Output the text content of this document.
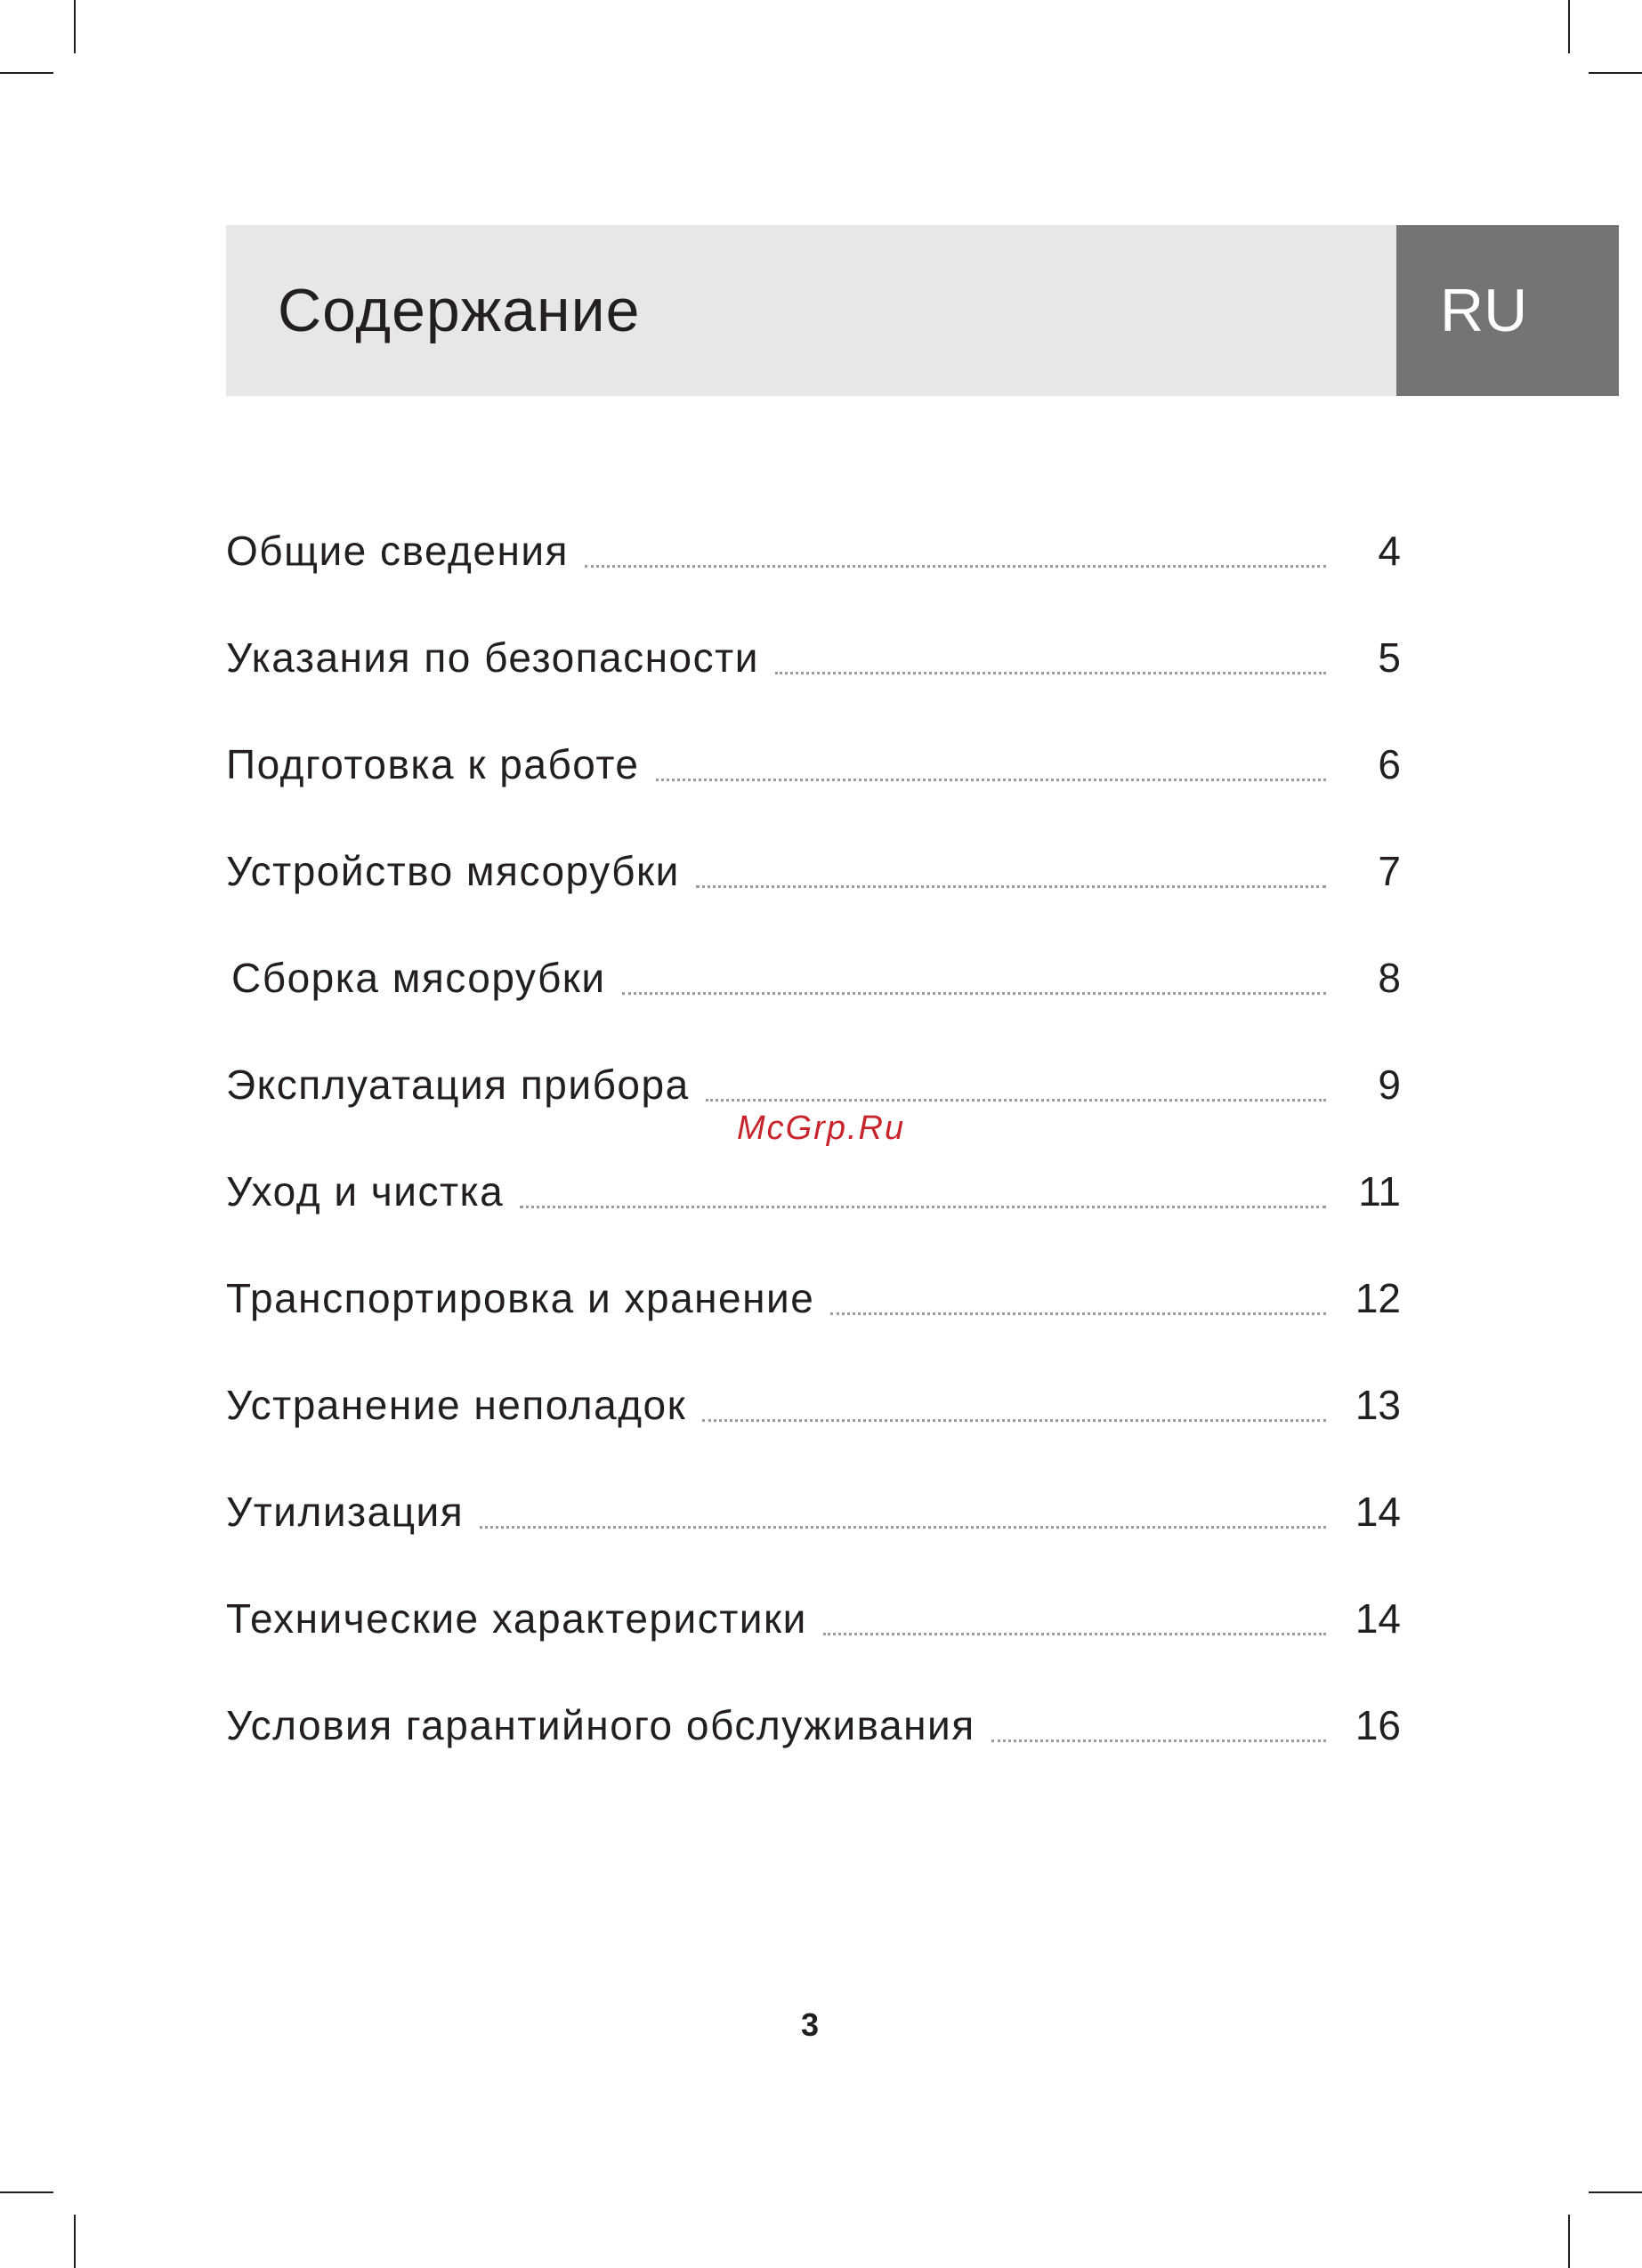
Содержание	RU
Общие сведения	4
Указания по безопасности	5
Подготовка к работе	6
Устройство мясорубки	7
Сборка мясорубки	8
Эксплуатация прибора	9
Уход и чистка	11
Транспортировка и хранение	12
Устранение неполадок	13
Утилизация	14
Технические характеристики	14
Условия гарантийного обслуживания	16
McGrp.Ru
3
